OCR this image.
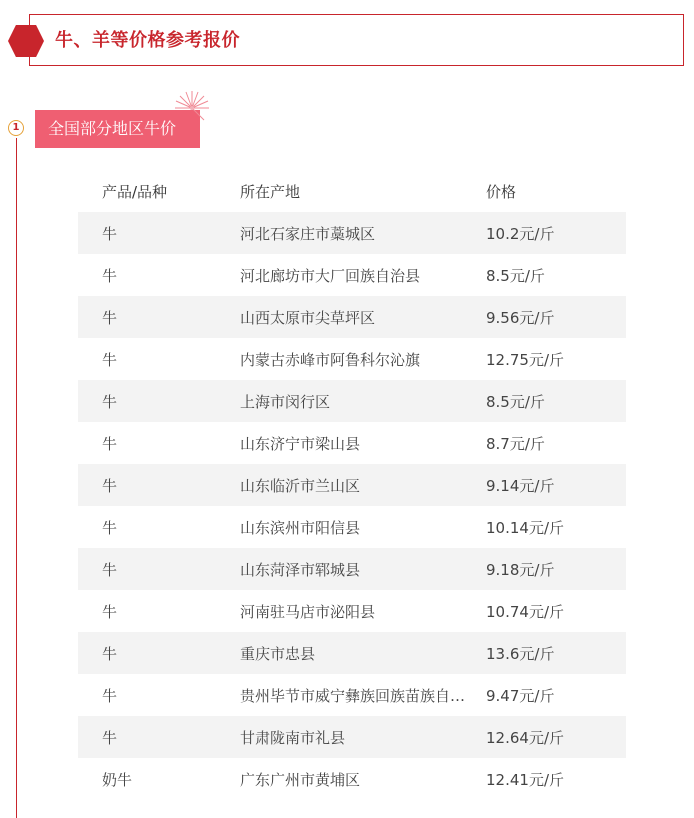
牛、羊等价格参考报价
1	全国部分地区牛价
产品/品种	所在产地	价格
牛	河北石家庄市藁城区	10.2元/斤
牛	河北廊坊市大厂回族自治县	8.5元/斤
牛	山西太原市尖草坪区	9.56元/斤
牛	内蒙古赤峰市阿鲁科尔沁旗	12.75元/斤
牛	上海市闵行区	8.5元/斤
牛	山东济宁市梁山县	8.7元/斤
牛	山东临沂市兰山区	9.14元/斤
牛	山东滨州市阳信县	10.14元/斤
牛	山东菏泽市郓城县	9.18元/斤
牛	河南驻马店市泌阳县	10.74元/斤
牛	重庆市忠县	13.6元/斤
牛	贵州毕节市威宁彝族回族苗族自…	9.47元/斤
牛	甘肃陇南市礼县	12.64元/斤
奶牛	广东广州市黄埔区	12.41元/斤
